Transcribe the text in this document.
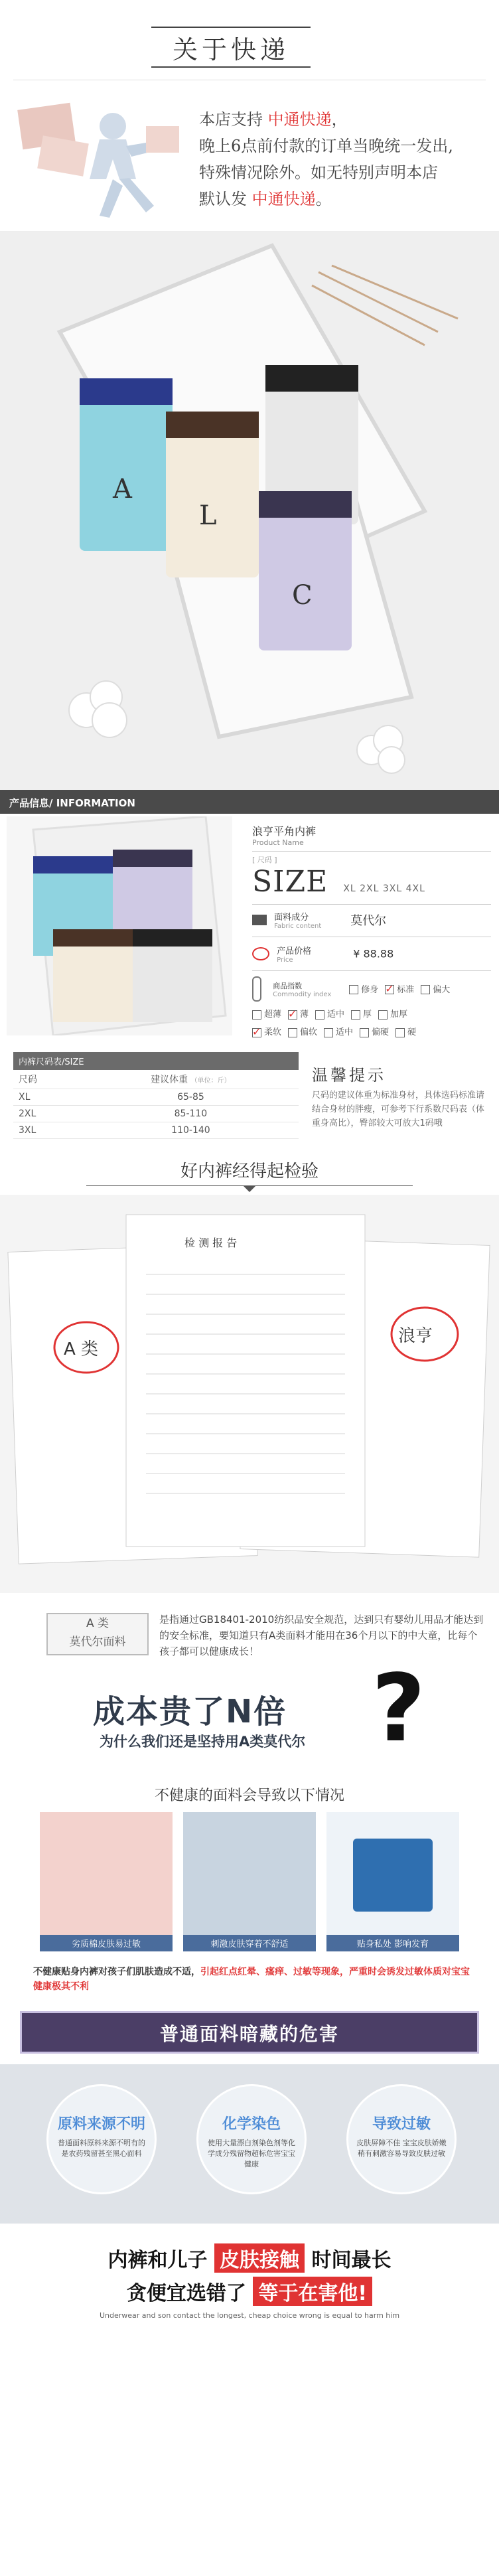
关于快递
本店支持 中通快递，
晚上6点前付款的订单当晚统一发出,
特殊情况除外。如无特别声明本店
默认发 中通快递。
A
L
C
产品信息/ INFORMATION
浪亨平角内裤
Product Name
[ 尺码 ]
SIZE XL 2XL 3XL 4XL

面料成分
Fabric content	莫代尔

产品价格
Price	¥ 88.88

商品指数
Commodity index	修身 ✓ 标准 偏大
超薄 ✓ 薄 适中 厚 加厚
✓柔软 偏软 适中 偏硬 硬
内裤尺码表/SIZE
尺码	建议体重 （单位：斤）
XL	65-85
2XL	85-110
3XL	110-140

温馨提示
尺码的建议体重为标准身材，具体选码标准请结合身材的胖瘦，可参考下行系数尺码表（体重身高比），臀部较大可放大1码哦

好内裤经得起检验
检 测 报 告
A 类
浪亨
A 类
莫代尔面料
是指通过GB18401-2010纺织品安全规范，达到只有婴幼儿用品才能达到的安全标准，要知道只有A类面料才能用在36个月以下的中大童，比每个孩子都可以健康成长！
成本贵了N倍
为什么我们还是坚持用A类莫代尔 ?
不健康的面料会导致以下情况
劣质棉皮肤易过敏	刺激皮肤穿着不舒适	贴身私处 影响发育
不健康贴身内裤对孩子们肌肤造成不适，引起红点红晕、瘙痒、过敏等现象，严重时会诱发过敏体质对宝宝健康极其不利
普通面料暗藏的危害
原料来源不明
普通面料原料来源不明有的是农药残留甚至黑心面料
化学染色
使用大量漂白剂染色剂等化学成分残留物超标危害宝宝健康
导致过敏
皮肤屏障不佳 宝宝皮肤娇嫩稍有刺激容易导致皮肤过敏
内裤和儿子 皮肤接触 时间最长
贪便宜选错了 等于在害他!
Underwear and son contact the longest, cheap choice wrong is equal to harm him
